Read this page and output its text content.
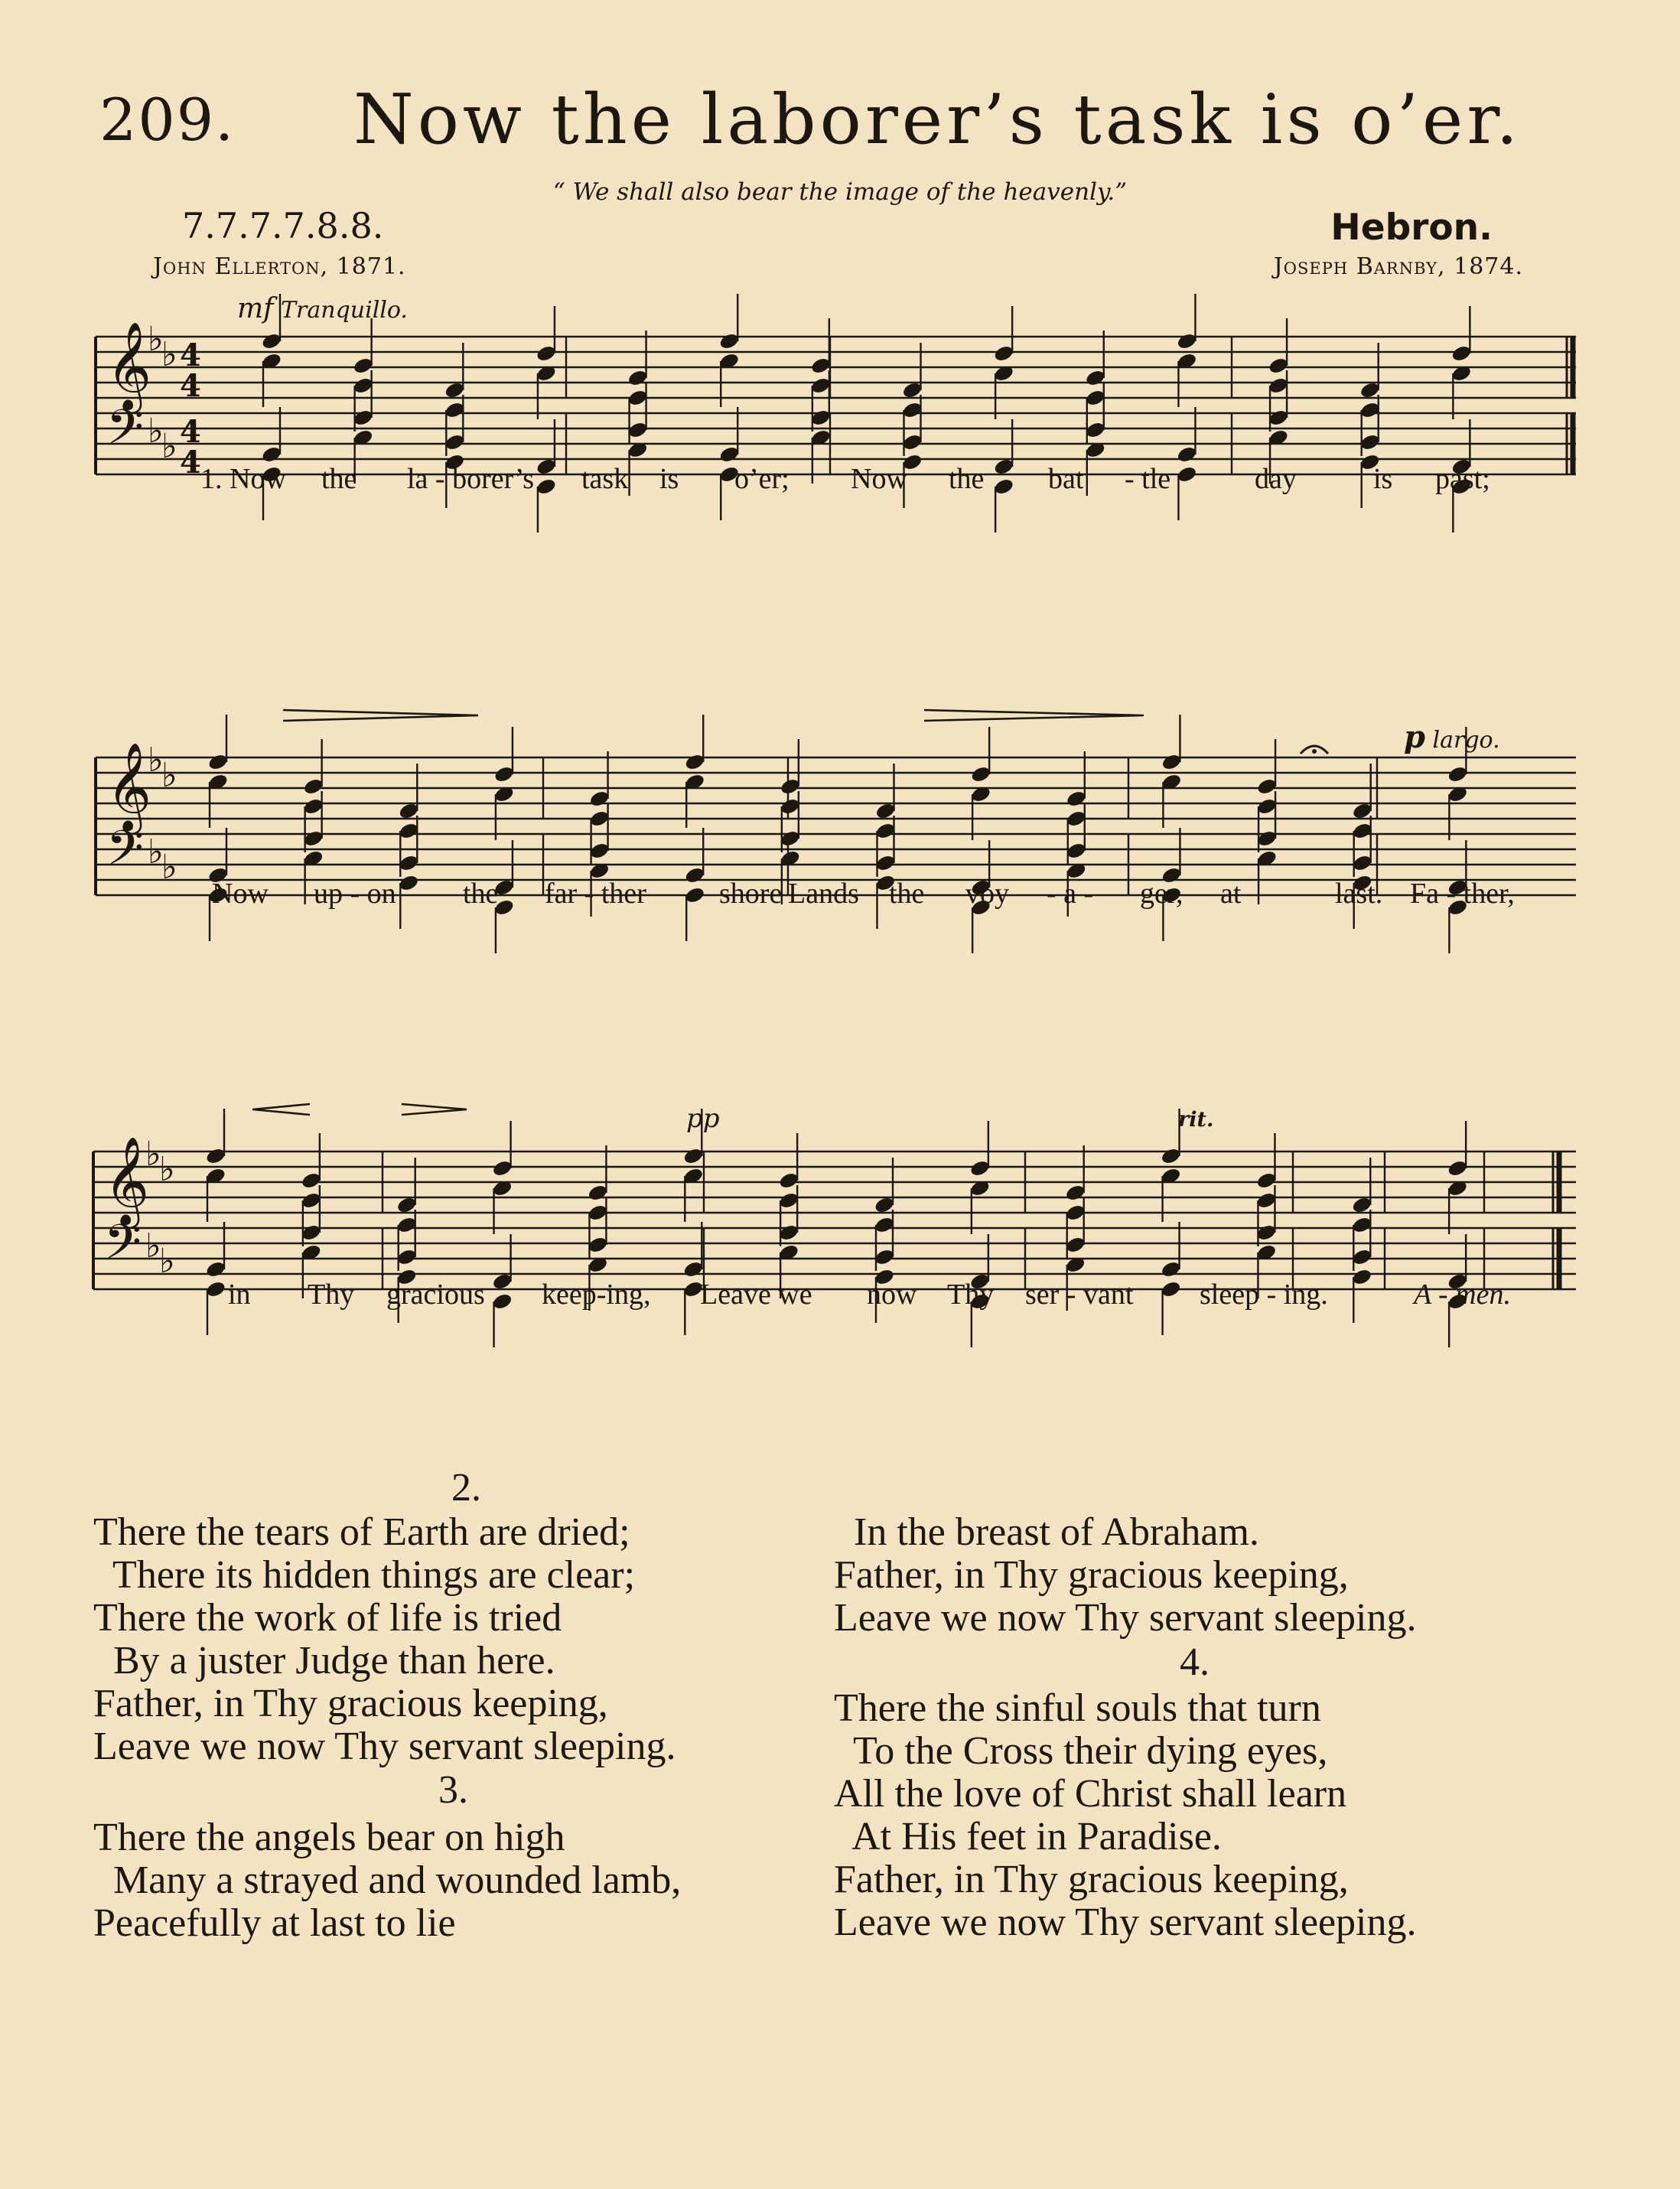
209. Now the laborer’s task is o’er.
“ We shall also bear the image of the heavenly.”
7.7.7.7.8.8.	Hebron.
John Ellerton, 1871.	Joseph Barnby, 1874.
𝄞
♭
♭ 4
4
𝄢 ♭
♭ 4
4
𝄞
♭
♭
𝄢 ♭
♭
𝄞
♭
♭
𝄢 ♭
♭
mf Tranquillo.
p largo.
pp	rit.
1. Now the la - borer’s task is o’er; Now the bat - tle	day	is past;
Now up - on the far - ther	shore Lands the voy - a - ger, at	last. Fa - ther,
in Thy gracious keep-ing, Leave we now Thy ser - vant sleep - ing.	A - men.
2.
There the tears of Earth are dried;
There its hidden things are clear;
There the work of life is tried
By a juster Judge than here.
Father, in Thy gracious keeping,
Leave we now Thy servant sleeping.
3.
There the angels bear on high
Many a strayed and wounded lamb,
Peacefully at last to lie
In the breast of Abraham.
Father, in Thy gracious keeping,
Leave we now Thy servant sleeping.
4.
There the sinful souls that turn
To the Cross their dying eyes,
All the love of Christ shall learn
At His feet in Paradise.
Father, in Thy gracious keeping,
Leave we now Thy servant sleeping.
